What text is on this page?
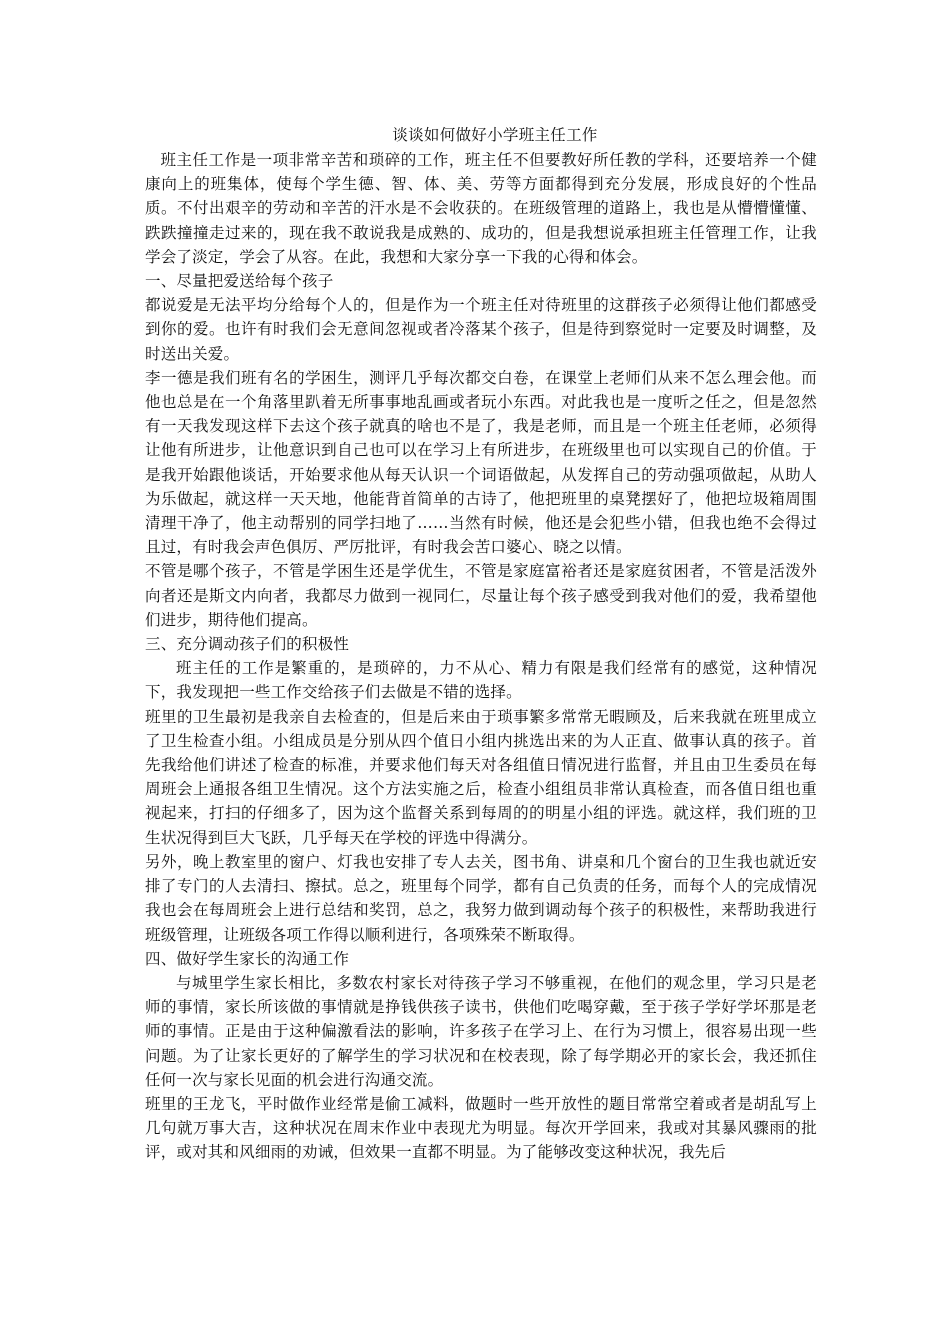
谈谈如何做好小学班主任工作

班主任工作是一项非常辛苦和琐碎的工作，班主任不但要教好所任教的学科，还要培养一个健康向上的班集体，使每个学生德、智、体、美、劳等方面都得到充分发展，形成良好的个性品质。不付出艰辛的劳动和辛苦的汗水是不会收获的。在班级管理的道路上，我也是从懵懵懂懂、跌跌撞撞走过来的，现在我不敢说我是成熟的、成功的，但是我想说承担班主任管理工作，让我学会了淡定，学会了从容。在此，我想和大家分享一下我的心得和体会。

一、尽量把爱送给每个孩子

都说爱是无法平均分给每个人的，但是作为一个班主任对待班里的这群孩子必须得让他们都感受到你的爱。也许有时我们会无意间忽视或者冷落某个孩子，但是待到察觉时一定要及时调整，及时送出关爱。

李一德是我们班有名的学困生，测评几乎每次都交白卷，在课堂上老师们从来不怎么理会他。而他也总是在一个角落里趴着无所事事地乱画或者玩小东西。对此我也是一度听之任之，但是忽然有一天我发现这样下去这个孩子就真的啥也不是了，我是老师，而且是一个班主任老师，必须得让他有所进步，让他意识到自己也可以在学习上有所进步，在班级里也可以实现自己的价值。于是我开始跟他谈话，开始要求他从每天认识一个词语做起，从发挥自己的劳动强项做起，从助人为乐做起，就这样一天天地，他能背首简单的古诗了，他把班里的桌凳摆好了，他把垃圾箱周围清理干净了，他主动帮别的同学扫地了……当然有时候，他还是会犯些小错，但我也绝不会得过且过，有时我会声色俱厉、严厉批评，有时我会苦口婆心、晓之以情。

不管是哪个孩子，不管是学困生还是学优生，不管是家庭富裕者还是家庭贫困者，不管是活泼外向者还是斯文内向者，我都尽力做到一视同仁，尽量让每个孩子感受到我对他们的爱，我希望他们进步，期待他们提高。

三、充分调动孩子们的积极性

班主任的工作是繁重的，是琐碎的，力不从心、精力有限是我们经常有的感觉，这种情况下，我发现把一些工作交给孩子们去做是不错的选择。

班里的卫生最初是我亲自去检查的，但是后来由于琐事繁多常常无暇顾及，后来我就在班里成立了卫生检查小组。小组成员是分别从四个值日小组内挑选出来的为人正直、做事认真的孩子。首先我给他们讲述了检查的标准，并要求他们每天对各组值日情况进行监督，并且由卫生委员在每周班会上通报各组卫生情况。这个方法实施之后，检查小组组员非常认真检查，而各值日组也重视起来，打扫的仔细多了，因为这个监督关系到每周的的明星小组的评选。就这样，我们班的卫生状况得到巨大飞跃，几乎每天在学校的评选中得满分。

另外，晚上教室里的窗户、灯我也安排了专人去关，图书角、讲桌和几个窗台的卫生我也就近安排了专门的人去清扫、擦拭。总之，班里每个同学，都有自己负责的任务，而每个人的完成情况我也会在每周班会上进行总结和奖罚，总之，我努力做到调动每个孩子的积极性，来帮助我进行班级管理，让班级各项工作得以顺利进行，各项殊荣不断取得。

四、做好学生家长的沟通工作

与城里学生家长相比，多数农村家长对待孩子学习不够重视，在他们的观念里，学习只是老师的事情，家长所该做的事情就是挣钱供孩子读书，供他们吃喝穿戴，至于孩子学好学坏那是老师的事情。正是由于这种偏激看法的影响，许多孩子在学习上、在行为习惯上，很容易出现一些问题。为了让家长更好的了解学生的学习状况和在校表现，除了每学期必开的家长会，我还抓住任何一次与家长见面的机会进行沟通交流。

班里的王龙飞，平时做作业经常是偷工减料，做题时一些开放性的题目常常空着或者是胡乱写上几句就万事大吉，这种状况在周末作业中表现尤为明显。每次开学回来，我或对其暴风骤雨的批评，或对其和风细雨的劝诫，但效果一直都不明显。为了能够改变这种状况，我先后
